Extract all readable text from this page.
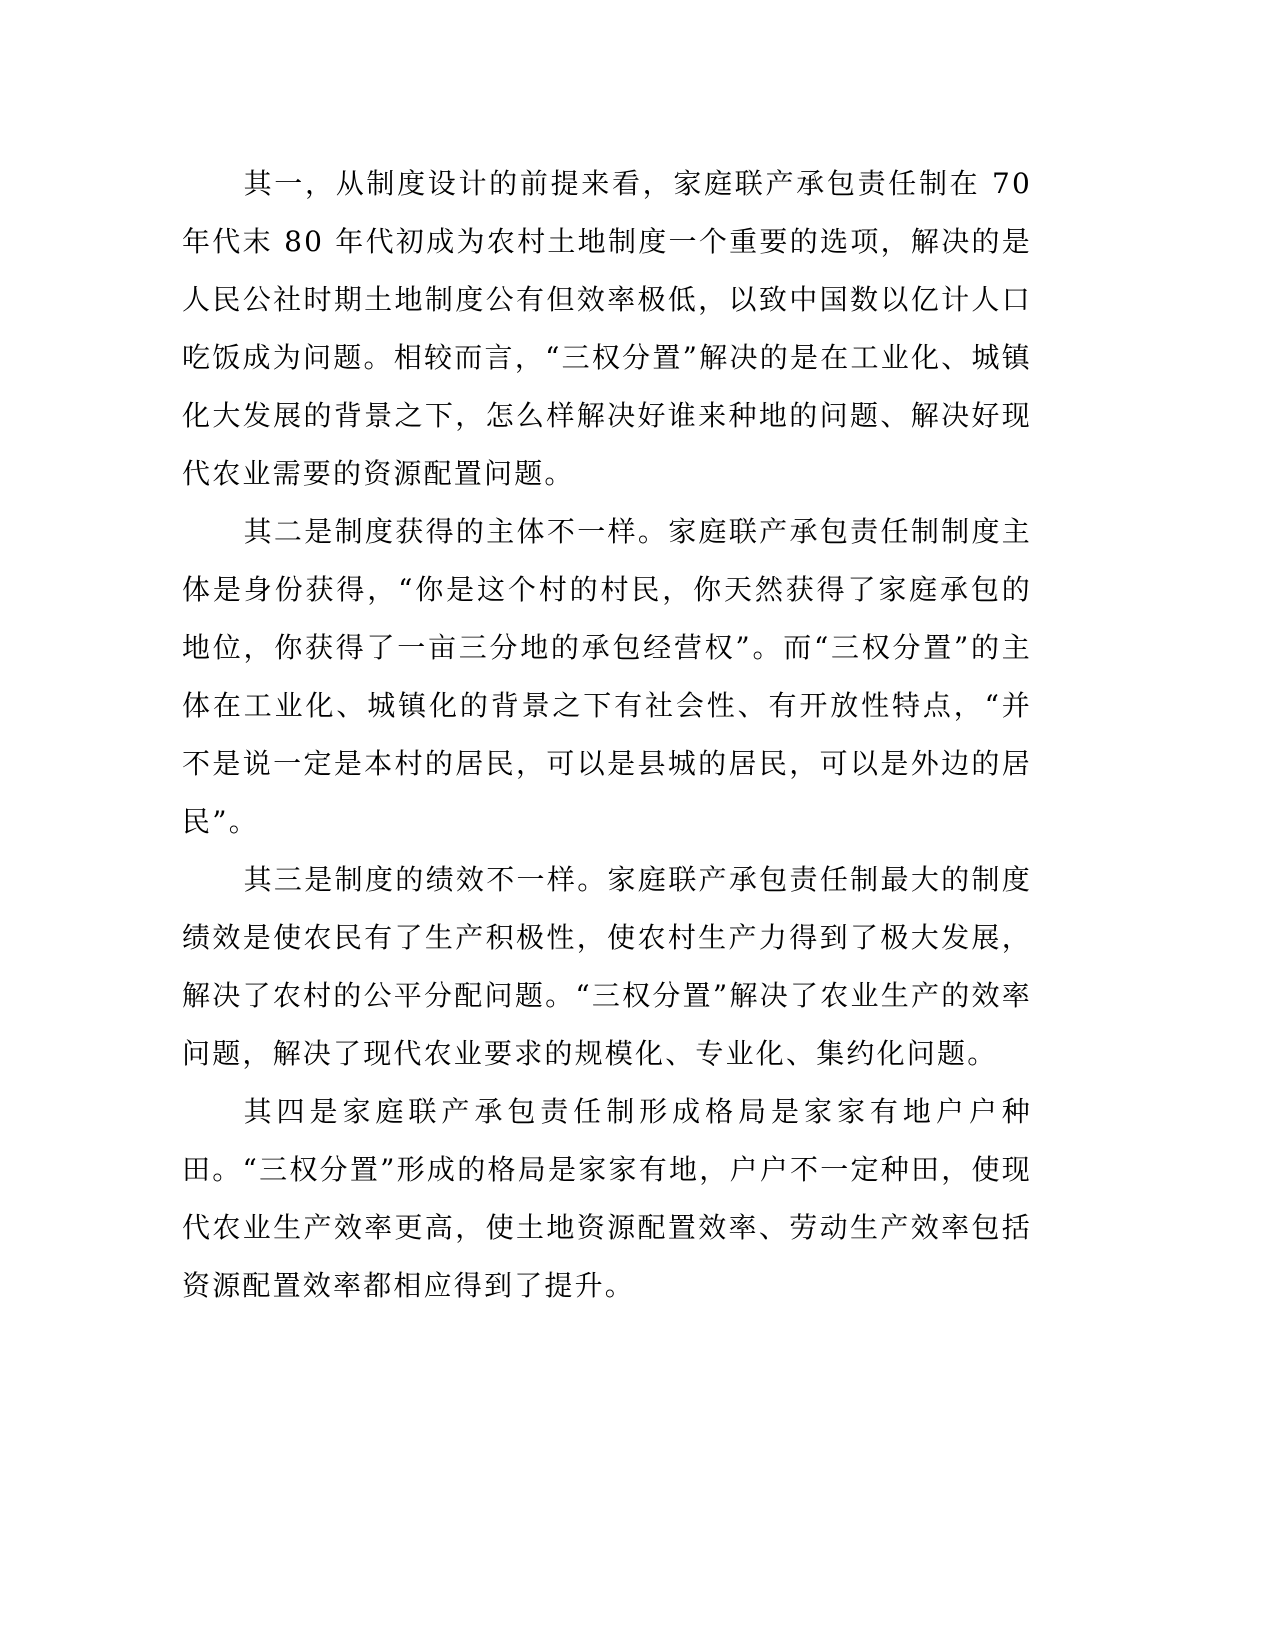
其一，从制度设计的前提来看，家庭联产承包责任制在 70 年代末 80 年代初成为农村土地制度一个重要的选项，解决的是人民公社时期土地制度公有但效率极低，以致中国数以亿计人口吃饭成为问题。相较而言，“三权分置”解决的是在工业化、城镇化大发展的背景之下，怎么样解决好谁来种地的问题、解决好现代农业需要的资源配置问题。

其二是制度获得的主体不一样。家庭联产承包责任制制度主体是身份获得，“你是这个村的村民，你天然获得了家庭承包的地位，你获得了一亩三分地的承包经营权”。而“三权分置”的主体在工业化、城镇化的背景之下有社会性、有开放性特点，“并不是说一定是本村的居民，可以是县城的居民，可以是外边的居民”。

其三是制度的绩效不一样。家庭联产承包责任制最大的制度绩效是使农民有了生产积极性，使农村生产力得到了极大发展，解决了农村的公平分配问题。“三权分置”解决了农业生产的效率问题，解决了现代农业要求的规模化、专业化、集约化问题。

其四是家庭联产承包责任制形成格局是家家有地户户种田。“三权分置”形成的格局是家家有地，户户不一定种田，使现代农业生产效率更高，使土地资源配置效率、劳动生产效率包括资源配置效率都相应得到了提升。
